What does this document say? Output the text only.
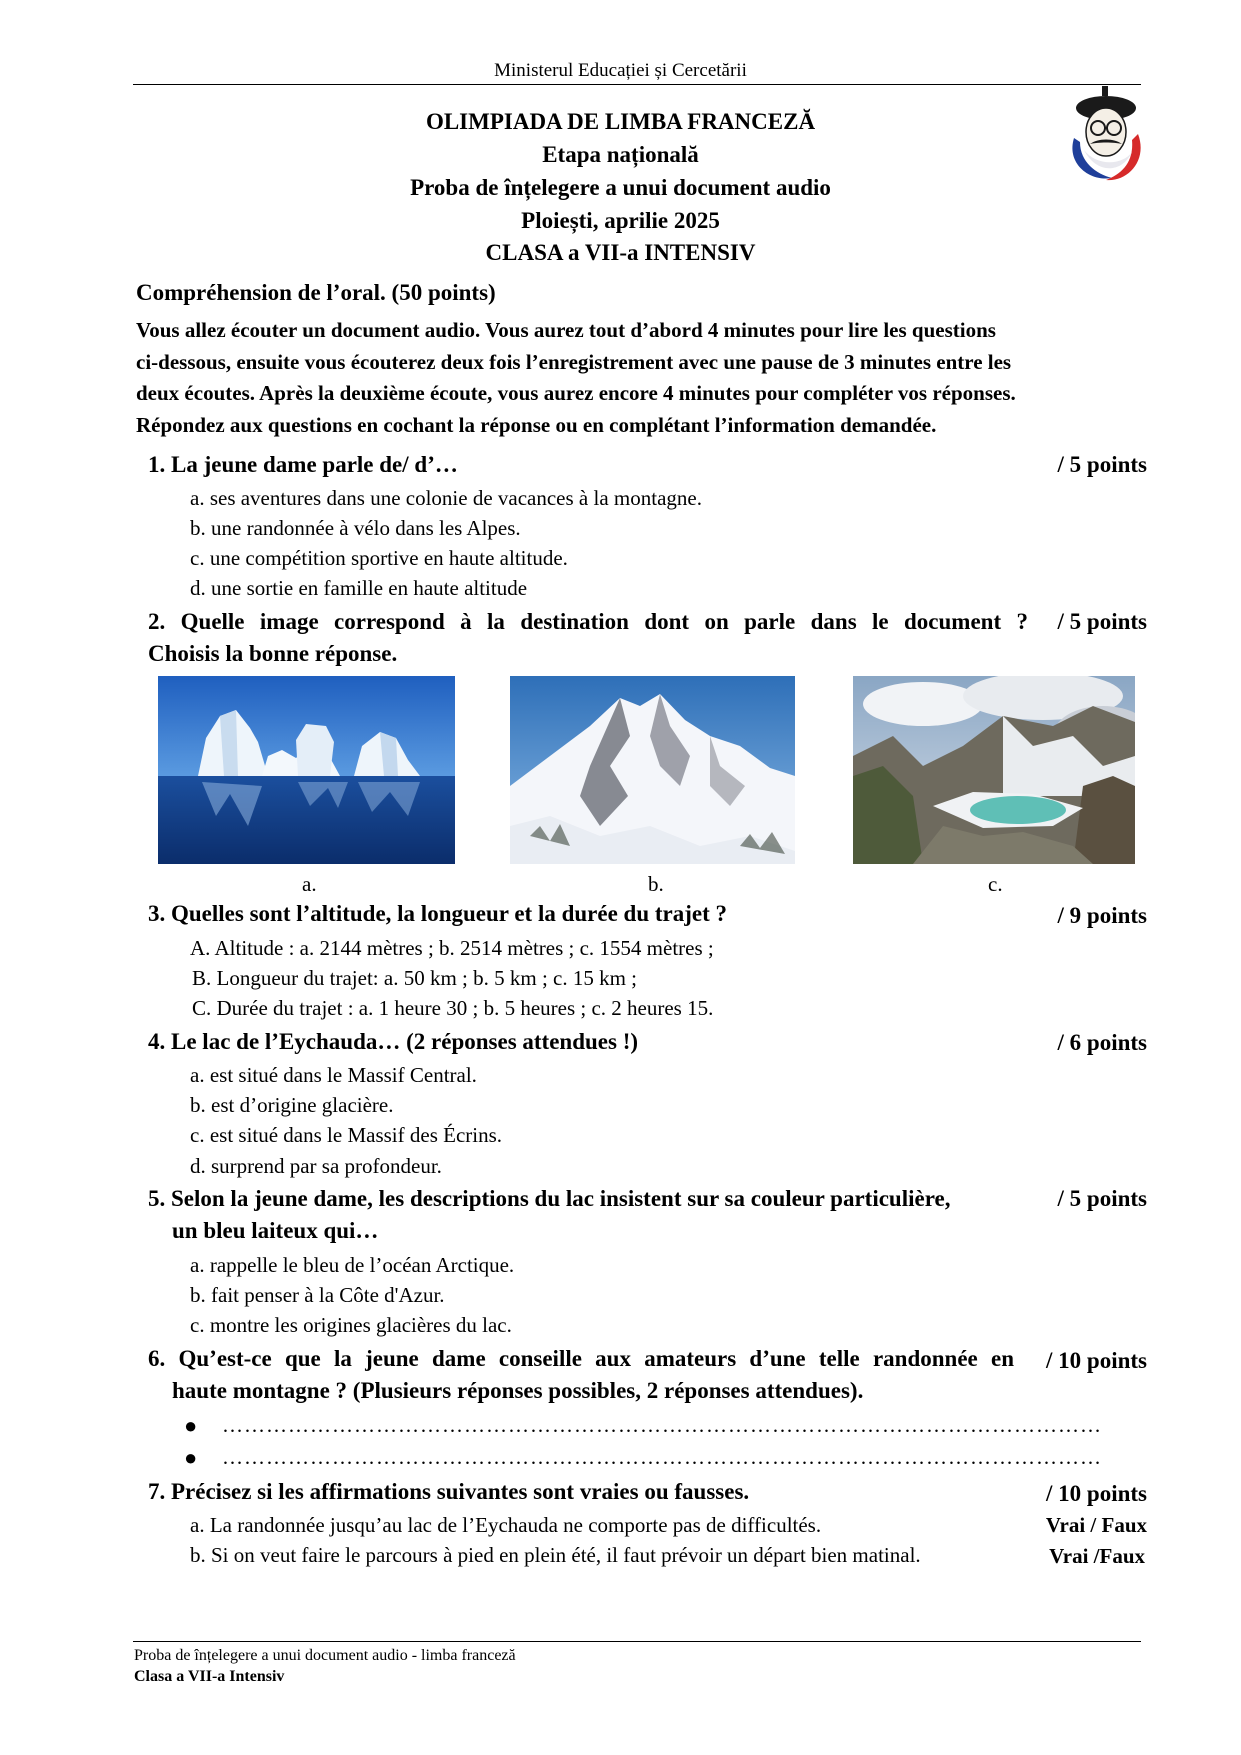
Ministerul Educației și Cercetării
OLIMPIADA DE LIMBA FRANCEZĂ
Etapa națională
Proba de înțelegere a unui document audio
Ploiești, aprilie 2025
CLASA a VII-a INTENSIV
Compréhension de l’oral. (50 points)
Vous allez écouter un document audio. Vous aurez tout d’abord 4 minutes pour lire les questions
ci-dessous, ensuite vous écouterez deux fois l’enregistrement avec une pause de 3 minutes entre les
deux écoutes. Après la deuxième écoute, vous aurez encore 4 minutes pour compléter vos réponses.
Répondez aux questions en cochant la réponse ou en complétant l’information demandée.
1. La jeune dame parle de/ d’…	/ 5 points
a. ses aventures dans une colonie de vacances à la montagne.
b. une randonnée à vélo dans les Alpes.
c. une compétition sportive en haute altitude.
d. une sortie en famille en haute altitude
2. Quelle image correspond à la destination dont on parle dans le document ?
Choisis la bonne réponse.
/ 5 points
a.	b.	c.
3. Quelles sont l’altitude, la longueur et la durée du trajet ?	/ 9 points
A. Altitude : a. 2144 mètres ; b. 2514 mètres ; c. 1554 mètres ;
B. Longueur du trajet: a. 50 km ; b. 5 km ; c. 15 km ;
C. Durée du trajet : a. 1 heure 30 ; b. 5 heures ; c. 2 heures 15.
4. Le lac de l’Eychauda… (2 réponses attendues !)	/ 6 points
a. est situé dans le Massif Central.
b. est d’origine glacière.
c. est situé dans le Massif des Écrins.
d. surprend par sa profondeur.
5. Selon la jeune dame, les descriptions du lac insistent sur sa couleur particulière,
un bleu laiteux qui…
/ 5 points
a. rappelle le bleu de l’océan Arctique.
b. fait penser à la Côte d'Azur.
c. montre les origines glacières du lac.
6. Qu’est-ce que la jeune dame conseille aux amateurs d’une telle randonnée en
haute montagne ? (Plusieurs réponses possibles, 2 réponses attendues).
/ 10 points
● …………………………………………………………………………………………………………
● …………………………………………………………………………………………………………
7. Précisez si les affirmations suivantes sont vraies ou fausses.	/ 10 points
a. La randonnée jusqu’au lac de l’Eychauda ne comporte pas de difficultés.	Vrai / Faux
b. Si on veut faire le parcours à pied en plein été, il faut prévoir un départ bien matinal.	Vrai /Faux
Proba de înțelegere a unui document audio - limba franceză
Clasa a VII-a Intensiv
